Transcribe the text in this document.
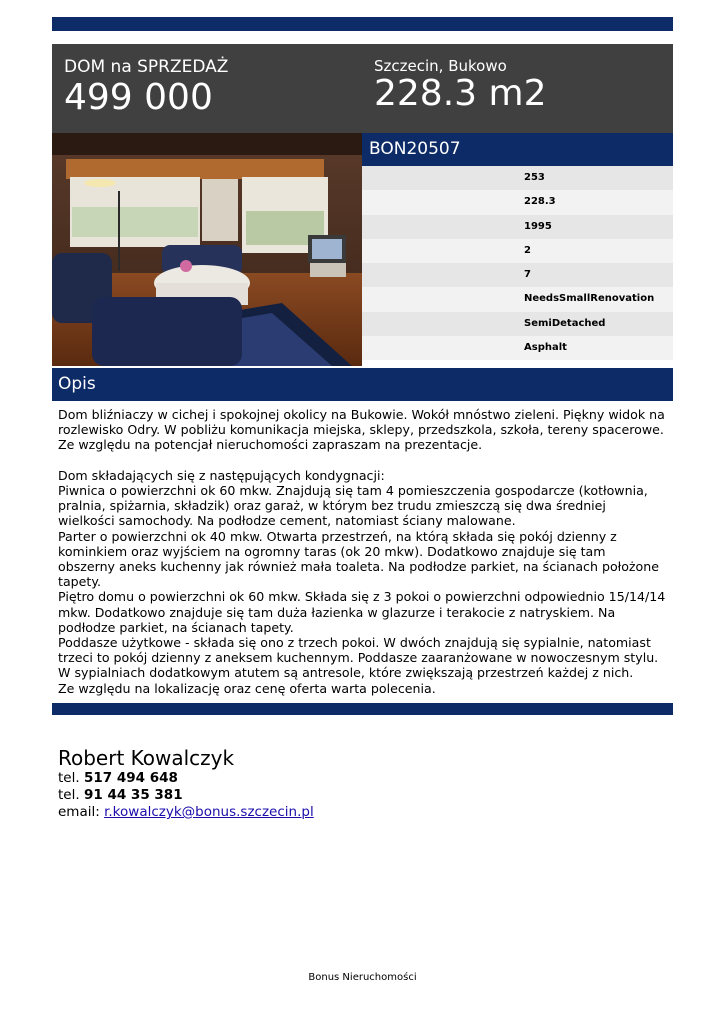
DOM na SPRZEDAŻ
499 000
Szczecin, Bukowo
228.3 m2
BON20507
253
228.3
1995
2
7
NeedsSmallRenovation
SemiDetached
Asphalt
Opis
Dom bliźniaczy w cichej i spokojnej okolicy na Bukowie. Wokół mnóstwo zieleni. Piękny widok na rozlewisko Odry. W pobliżu komunikacja miejska, sklepy, przedszkola, szkoła, tereny spacerowe.
Ze względu na potencjał nieruchomości zapraszam na prezentacje.

Dom składających się z następujących kondygnacji:
Piwnica o powierzchni ok 60 mkw. Znajdują się tam 4 pomieszczenia gospodarcze (kotłownia, pralnia, spiżarnia, składzik) oraz garaż, w którym bez trudu zmieszczą się dwa średniej wielkości samochody. Na podłodze cement, natomiast ściany malowane.
Parter o powierzchni ok 40 mkw. Otwarta przestrzeń, na którą składa się pokój dzienny z kominkiem oraz wyjściem na ogromny taras (ok 20 mkw). Dodatkowo znajduje się tam obszerny aneks kuchenny jak również mała toaleta. Na podłodze parkiet, na ścianach położone tapety.
Piętro domu o powierzchni ok 60 mkw. Składa się z 3 pokoi o powierzchni odpowiednio 15/14/14 mkw. Dodatkowo znajduje się tam duża łazienka w glazurze i terakocie z natryskiem. Na podłodze parkiet, na ścianach tapety.
Poddasze użytkowe - składa się ono z trzech pokoi. W dwóch znajdują się sypialnie, natomiast trzeci to pokój dzienny z aneksem kuchennym. Poddasze zaaranżowane w nowoczesnym stylu. W sypialniach dodatkowym atutem są antresole, które zwiększają przestrzeń każdej z nich.
Ze względu na lokalizację oraz cenę oferta warta polecenia.
Robert Kowalczyk
tel. 517 494 648
tel. 91 44 35 381
email: r.kowalczyk@bonus.szczecin.pl
Bonus Nieruchomości
